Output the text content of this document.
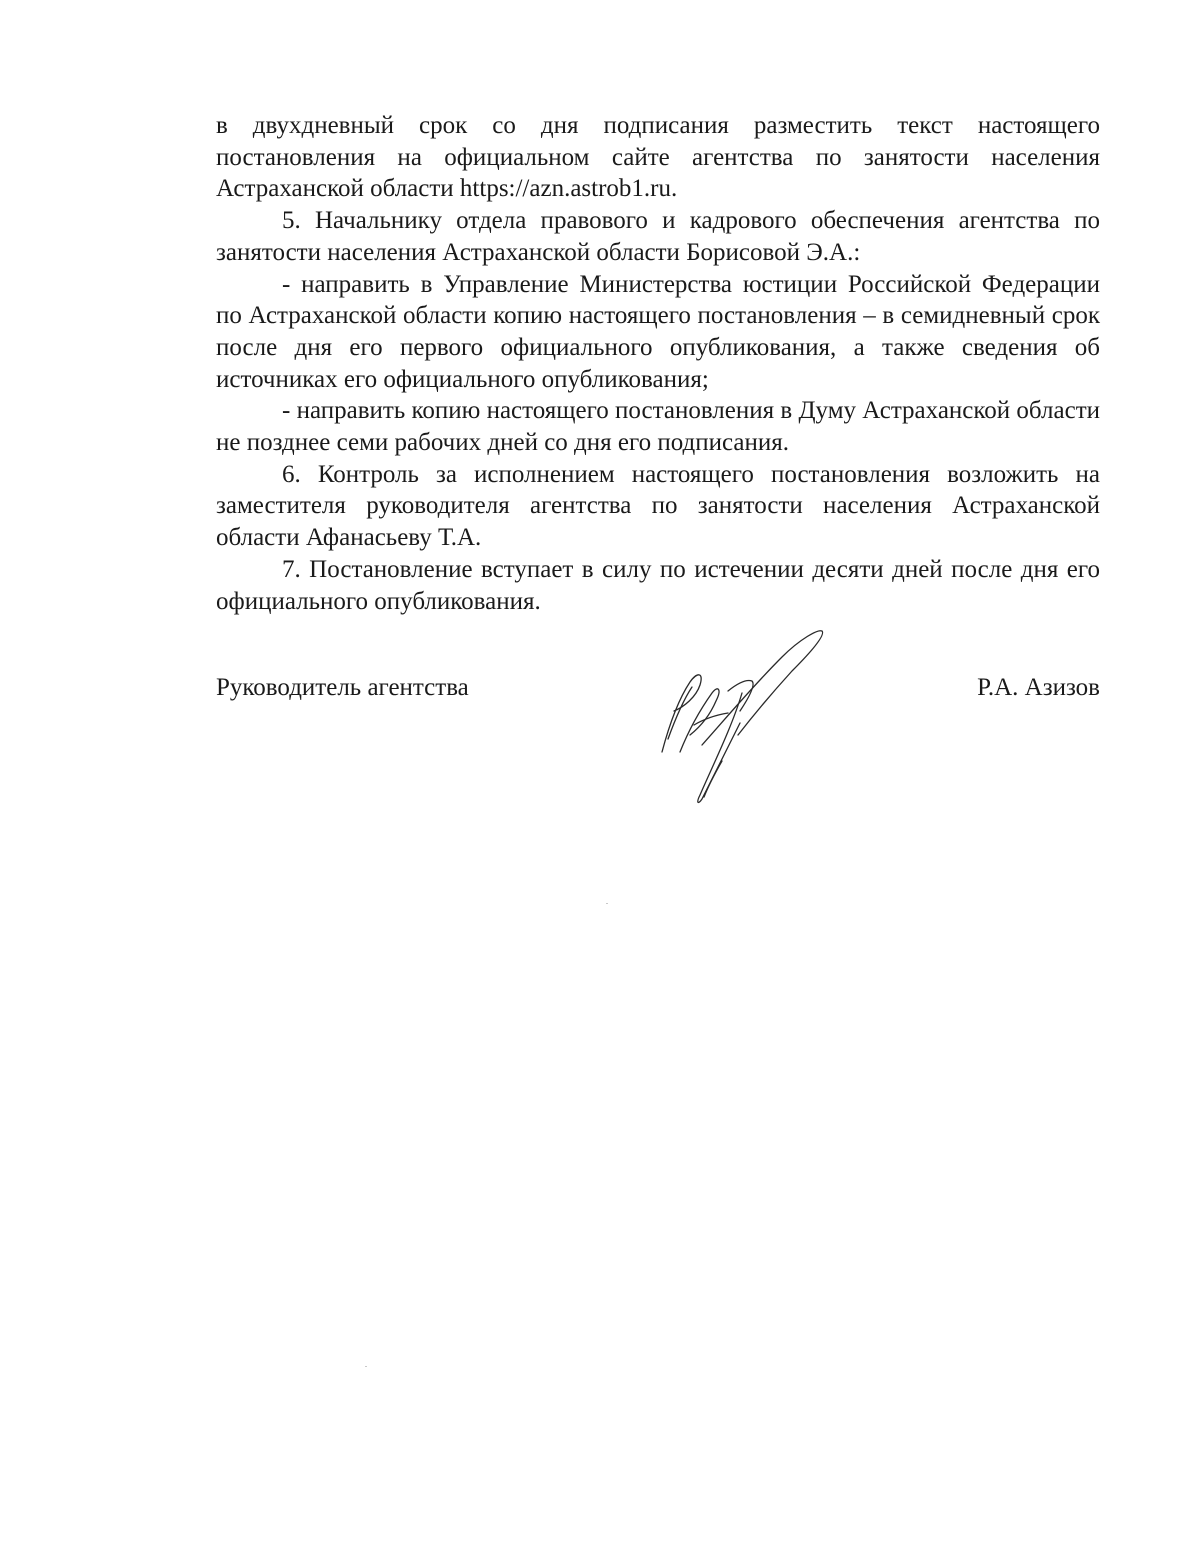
в двухдневный срок со дня подписания разместить текст настоящего постановления на официальном сайте агентства по занятости населения Астраханской области https://azn.astrob1.ru.

5. Начальнику отдела правового и кадрового обеспечения агентства по занятости населения Астраханской области Борисовой Э.А.:

- направить в Управление Министерства юстиции Российской Федерации по Астраханской области копию настоящего постановления – в семидневный срок после дня его первого официального опубликования, а также сведения об источниках его официального опубликования;

- направить копию настоящего постановления в Думу Астраханской области не позднее семи рабочих дней со дня его подписания.

6. Контроль за исполнением настоящего постановления возложить на заместителя руководителя агентства по занятости населения Астраханской области Афанасьеву Т.А.

7. Постановление вступает в силу по истечении десяти дней после дня его официального опубликования.

Руководитель агентства	Р.А. Азизов
